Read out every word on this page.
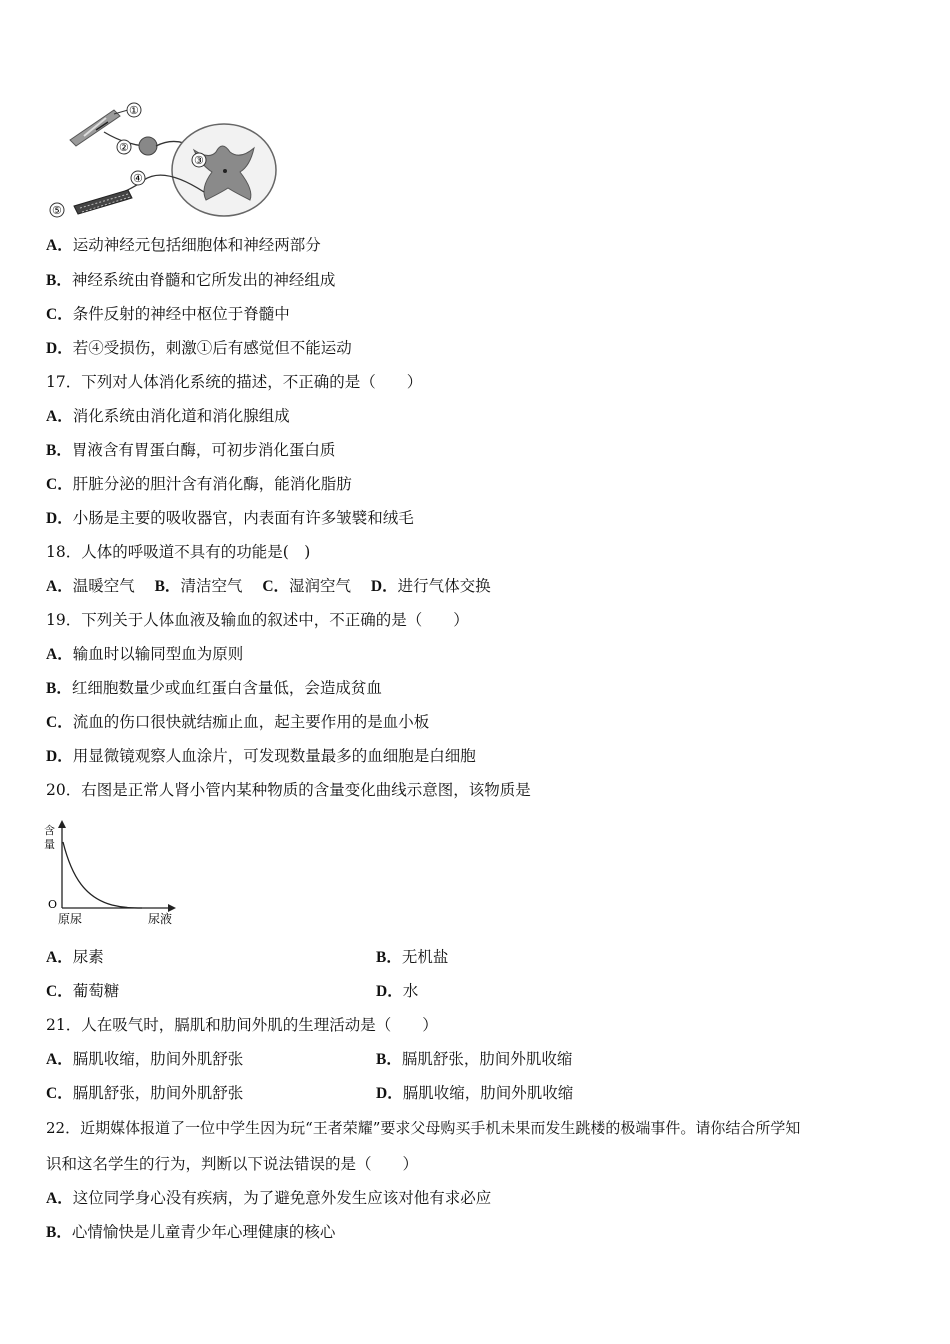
①
②
③
④
⑤
A．运动神经元包括细胞体和神经两部分
B．神经系统由脊髓和它所发出的神经组成
C．条件反射的神经中枢位于脊髓中
D．若④受损伤，刺激①后有感觉但不能运动
17．下列对人体消化系统的描述，不正确的是（　　）
A．消化系统由消化道和消化腺组成
B．胃液含有胃蛋白酶，可初步消化蛋白质
C．肝脏分泌的胆汁含有消化酶，能消化脂肪
D．小肠是主要的吸收器官，内表面有许多皱襞和绒毛
18．人体的呼吸道不具有的功能是(　)
A．温暖空气 B．清洁空气 C．湿润空气 D．进行气体交换
19．下列关于人体血液及输血的叙述中，不正确的是（　　）
A．输血时以输同型血为原则
B．红细胞数量少或血红蛋白含量低，会造成贫血
C．流血的伤口很快就结痂止血，起主要作用的是血小板
D．用显微镜观察人血涂片，可发现数量最多的血细胞是白细胞
20．右图是正常人肾小管内某种物质的含量变化曲线示意图，该物质是
含
量
O
原尿	尿液
A．尿素	B．无机盐
C．葡萄糖	D．水
21．人在吸气时，膈肌和肋间外肌的生理活动是（　　）
A．膈肌收缩，肋间外肌舒张	B．膈肌舒张，肋间外肌收缩
C．膈肌舒张，肋间外肌舒张	D．膈肌收缩，肋间外肌收缩
22．近期媒体报道了一位中学生因为玩“王者荣耀”要求父母购买手机未果而发生跳楼的极端事件。请你结合所学知
识和这名学生的行为，判断以下说法错误的是（　　）
A．这位同学身心没有疾病，为了避免意外发生应该对他有求必应
B．心情愉快是儿童青少年心理健康的核心
